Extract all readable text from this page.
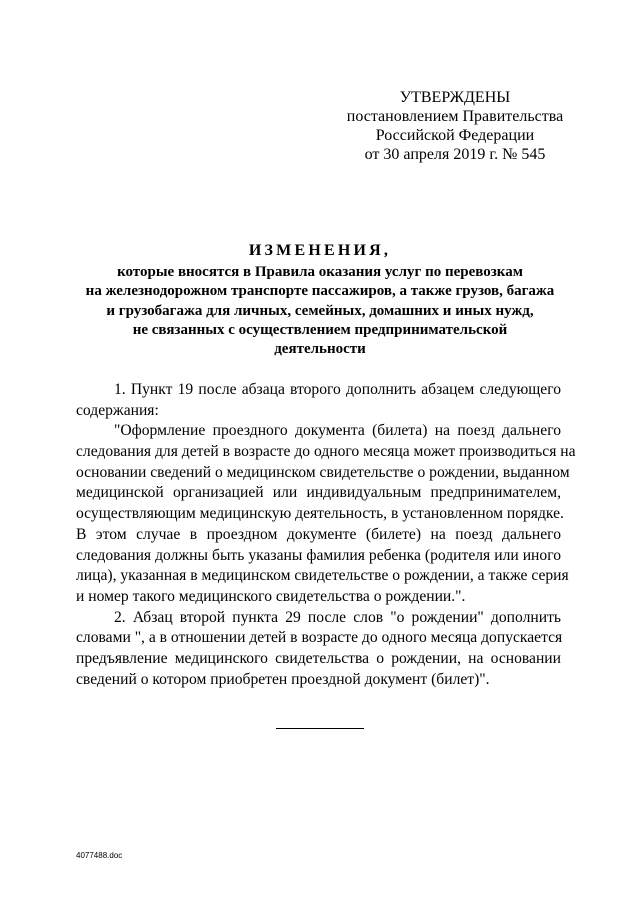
УТВЕРЖДЕНЫ
постановлением Правительства
Российской Федерации
от 30 апреля 2019 г. № 545
ИЗМЕНЕНИЯ,
которые вносятся в Правила оказания услуг по перевозкам
на железнодорожном транспорте пассажиров, а также грузов, багажа
и грузобагажа для личных, семейных, домашних и иных нужд,
не связанных с осуществлением предпринимательской
деятельности
1. Пункт 19 после абзаца второго дополнить абзацем следующего
содержания:
"Оформление проездного документа (билета) на поезд дальнего
следования для детей в возрасте до одного месяца может производиться на
основании сведений о медицинском свидетельстве о рождении, выданном
медицинской организацией или индивидуальным предпринимателем,
осуществляющим медицинскую деятельность, в установленном порядке.
В этом случае в проездном документе (билете) на поезд дальнего
следования должны быть указаны фамилия ребенка (родителя или иного
лица), указанная в медицинском свидетельстве о рождении, а также серия
и номер такого медицинского свидетельства о рождении.".
2. Абзац второй пункта 29 после слов "о рождении" дополнить
словами ", а в отношении детей в возрасте до одного месяца допускается
предъявление медицинского свидетельства о рождении, на основании
сведений о котором приобретен проездной документ (билет)".
4077488.doc
